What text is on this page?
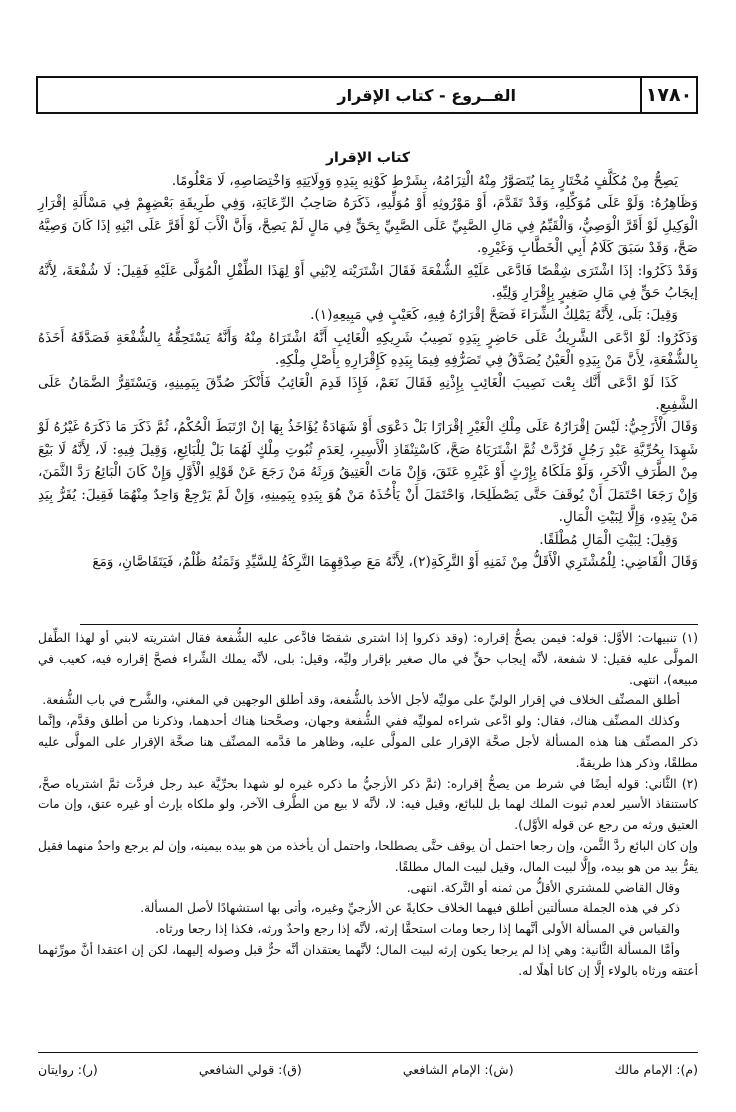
١٧٨٠
الفــروع - كتاب الإقرار
كتاب الإقرار

يَصِحُّ مِنْ مُكَلَّفٍ مُخْتَارٍ بِمَا يُتَصَوَّرُ مِنْهُ الْتِزَامُهُ، بِشَرْطِ كَوْنِهِ بِيَدِهِ وَوِلَايَتِهِ وَاخْتِصَاصِهِ، لَا مَعْلُومًا.

وَظَاهِرُهُ: وَلَوْ عَلَى مُوَكِّلِهِ، وَقَدْ تَقَدَّمَ، أَوْ مَوْرُوثِهِ أَوْ مُوَلِّيهِ، ذَكَرَهُ صَاحِبُ الرِّعَايَةِ، وَفِي طَرِيقَةِ بَعْضِهِمْ فِي مَسْأَلَةِ إقْرَارِ الْوَكِيلِ لَوْ أَقَرَّ الْوَصِيُّ، وَالْقَيِّمُ فِي مَالِ الصَّبِيِّ عَلَى الصَّبِيِّ بِحَقٍّ فِي مَالٍ لَمْ يَصِحَّ، وَأَنَّ الْأَبَ لَوْ أَقَرَّ عَلَى ابْنِهِ إذَا كَانَ وَصِيَّهُ صَحَّ، وَقَدْ سَبَقَ كَلَامُ أَبِي الْخَطَّابِ وَغَيْرِهِ.

وَقَدْ ذَكَرُوا: إذَا اشْتَرَى شِقْصًا فَادَّعَى عَلَيْهِ الشُّفْعَةَ فَقَالَ اشْتَرَيْته لِابْنِي أَوْ لِهَذَا الطِّفْلِ الْمُوَلَّى عَلَيْهِ فَقِيلَ: لَا شُفْعَةَ، لِأَنَّهُ إيجَابُ حَقٍّ فِي مَالِ صَغِيرٍ بِإِقْرَارِ وَلِيِّهِ.

وَقِيلَ: بَلَى، لِأَنَّهُ يَمْلِكُ الشِّرَاءَ فَصَحَّ إقْرَارُهُ فِيهِ، كَعَيْبٍ فِي مَبِيعِهِ(١).

وَذَكَرُوا: لَوْ ادَّعَى الشَّرِيكُ عَلَى حَاضِرٍ بِيَدِهِ نَصِيبُ شَرِيكِهِ الْغَائِبِ أَنَّهُ اشْتَرَاهُ مِنْهُ وَأَنَّهُ يَسْتَحِقُّهُ بِالشُّفْعَةِ فَصَدَّقَهُ أَخَذَهُ بِالشُّفْعَةِ، لِأَنَّ مَنْ بِيَدِهِ الْعَيْنُ يُصَدَّقُ فِي تَصَرُّفِهِ فِيمَا بِيَدِهِ كَإِقْرَارِهِ بِأَصْلِ مِلْكِهِ.

كَذَا لَوْ ادَّعَى أَنَّك بِعْت نَصِيبَ الْغَائِبِ بِإِذْنِهِ فَقَالَ نَعَمْ، فَإِذَا قَدِمَ الْغَائِبُ فَأَنْكَرَ صُدِّقَ بِيَمِينِهِ، وَيَسْتَقِرُّ الضَّمَانُ عَلَى الشَّفِيعِ.

وَقَالَ الْأَزَجِيُّ: لَيْسَ إقْرَارُهُ عَلَى مِلْكِ الْغَيْرِ إقْرَارًا بَلْ دَعْوَى أَوْ شَهَادَةٌ يُؤَاخَذُ بِهَا إنْ ارْتَبَطَ الْحُكْمُ، ثُمَّ ذَكَرَ مَا ذَكَرَهُ غَيْرُهُ لَوْ شَهِدَا بِحُرِّيَّةِ عَبْدِ رَجُلٍ فَرُدَّتْ ثُمَّ اشْتَرَيَاهُ صَحَّ، كَاسْتِنْقَاذِ الْأَسِيرِ، لِعَدَمِ ثُبُوتِ مِلْكٍ لَهُمَا بَلْ لِلْبَائِعِ، وَقِيلَ فِيهِ: لَا، لِأَنَّهُ لَا بَيْعَ مِنْ الطَّرَفِ الْآخَرِ، وَلَوْ مَلَكَاهُ بِإِرْثٍ أَوْ غَيْرِهِ عَتَقَ، وَإِنْ مَاتَ الْعَتِيقُ وَرِثَهُ مَنْ رَجَعَ عَنْ قَوْلِهِ الْأَوَّلِ وَإِنْ كَانَ الْبَائِعُ رَدَّ الثَّمَنَ، وَإِنْ رَجَعَا احْتَمَلَ أَنْ يُوقَفَ حَتَّى يَصْطَلِحَا، وَاحْتَمَلَ أَنْ يَأْخُذَهُ مَنْ هُوَ بِيَدِهِ بِيَمِينِهِ، وَإِنْ لَمْ يَرْجِعْ وَاحِدٌ مِنْهُمَا فَقِيلَ: يُقَرُّ بِيَدِ مَنْ بِيَدِهِ، وَإِلَّا لِبَيْتِ الْمَالِ.

وَقِيلَ: لِبَيْتِ الْمَالِ مُطْلَقًا.

وَقَالَ الْقَاضِي: لِلْمُشْتَرِي الْأَقَلُّ مِنْ ثَمَنِهِ أَوْ التَّرِكَةِ(٢)، لِأَنَّهُ مَعَ صِدْقِهِمَا التَّرِكَةُ لِلسَّيِّدِ وَثَمَنُهُ ظُلْمٌ، فَيَتَقَاصَّانِ، وَمَعَ

(١) تنبيهات: الأوَّل: قوله: فيمن يصحُّ إقراره: (وقد ذكروا إذا اشترى شقصًا فادَّعى عليه الشُّفعة فقال اشتريته لابني أو لهذا الطِّفل المولَّى عليه فقيل: لا شفعة، لأنَّه إيجاب حقٍّ في مال صغير بإقرار وليِّه، وقيل: بلى، لأنَّه يملك الشِّراء فصحَّ إقراره فيه، كعيب في مبيعه)، انتهى.

أطلق المصنِّف الخلاف في إقرار الوليِّ على موليِّه لأجل الأخذ بالشُّفعة، وقد أطلق الوجهين في المغني، والشَّرح في باب الشُّفعة.

وكذلك المصنِّف هناك، فقال: ولو ادَّعى شراءه لموليِّه ففي الشُّفعة وجهان، وصحَّحنا هناك أحدهما، وذكرنا من أطلق وقدَّم، وإنَّما ذكر المصنِّف هنا هذه المسألة لأجل صحَّة الإقرار على المولَّى عليه، وظاهر ما قدَّمه المصنِّف هنا صحَّة الإقرار على المولَّى عليه مطلقًا، وذكر هذا طريقةً.

(٢) الثَّاني: قوله أيضًا في شرط من يصحُّ إقراره: (ثمَّ ذكر الأزجيُّ ما ذكره غيره لو شهدا بحرِّيَّة عبد رجل فردَّت ثمَّ اشترياه صحَّ، كاستنقاذ الأسير لعدم ثبوت الملك لهما بل للبائع، وقيل فيه: لا، لأنَّه لا بيع من الطَّرف الآخر، ولو ملكاه بإرث أو غيره عتق، وإن مات العتيق ورثه من رجع عن قوله الأوَّل).

وإن كان البائع ردَّ الثَّمن، وإن رجعا احتمل أن يوقف حتَّى يصطلحا، واحتمل أن يأخذه من هو بيده بيمينه، وإن لم يرجع واحدٌ منهما فقيل يقرُّ بيد من هو بيده، وإلَّا لبيت المال، وقيل لبيت المال مطلقًا.

وقال القاضي للمشتري الأقلُّ من ثمنه أو التَّركة. انتهى.

ذكر في هذه الجملة مسألتين أطلق فيهما الخلاف حكايةً عن الأزجيِّ وغيره، وأتى بها استشهادًا لأصل المسألة.

والقياس في المسألة الأولى أنَّهما إذا رجعا ومات استحقَّا إرثه، لأنَّه إذا رجع واحدٌ ورثه، فكذا إذا رجعا ورثاه.

وأمَّا المسألة الثَّانية: وهي إذا لم يرجعا يكون إرثه لبيت المال؛ لأنَّهما يعتقدان أنَّه حرٌّ قبل وصوله إليهما، لكن إن اعتقدا أنَّ مورِّثهما أعتقه ورثاه بالولاء إلَّا إن كانا أهلًا له.

(م): الإمام مالك
(ش): الإمام الشافعي
(ق): قولي الشافعي
(ر): روايتان
